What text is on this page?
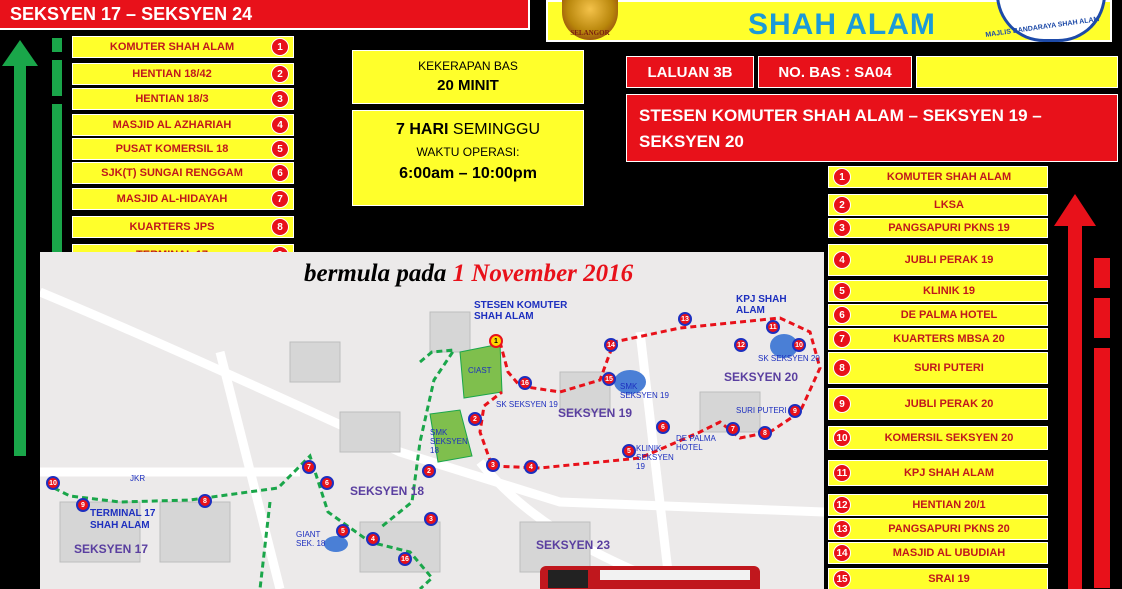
SEKSYEN 17 – SEKSYEN 24
SELANGOR	SHAH ALAM	MAJLIS BANDARAYA SHAH ALAM
KOMUTER SHAH ALAM	1
HENTIAN 18/42	2
HENTIAN 18/3	3
MASJID AL AZHARIAH	4
PUSAT KOMERSIL 18	5
SJK(T) SUNGAI RENGGAM	6
MASJID AL-HIDAYAH	7
KUARTERS JPS	8
1	KOMUTER SHAH ALAM
2	LKSA
3	PANGSAPURI PKNS 19
4	JUBLI PERAK 19
5	KLINIK 19
6	DE PALMA HOTEL
7	KUARTERS MBSA 20
8	SURI PUTERI
9	JUBLI PERAK 20
10	KOMERSIL SEKSYEN 20
11	KPJ SHAH ALAM
12	HENTIAN 20/1
13	PANGSAPURI PKNS 20
14	MASJID AL UBUDIAH
15	SRAI 19
KEKERAPAN BAS
20 MINIT
7 HARI SEMINGGU
WAKTU OPERASI:
6:00am – 10:00pm
LALUAN 3B	NO. BAS : SA04
STESEN KOMUTER SHAH ALAM – SEKSYEN 19 – SEKSYEN 20
STESEN KOMUTER SHAH ALAM
KPJ SHAH ALAM
SEKSYEN 20
SEKSYEN 19
SEKSYEN 18
SEKSYEN 17	SEKSYEN 23
TERMINAL 17 SHAH ALAM
JKR
GIANT SEK. 18
CIAST
SMK SEKSYEN 18
SK SEKSYEN 19
SMK SEKSYEN 19
SK SEKSYEN 20
KLINIK SEKSYEN 19
DE PALMA HOTEL
SURI PUTERI
1
16
2
3	4
15
14
13
12
11
10
9
8
7
6
5
2
3
4
5
6
7
8
9
10
16
bermula pada 1 November 2016
